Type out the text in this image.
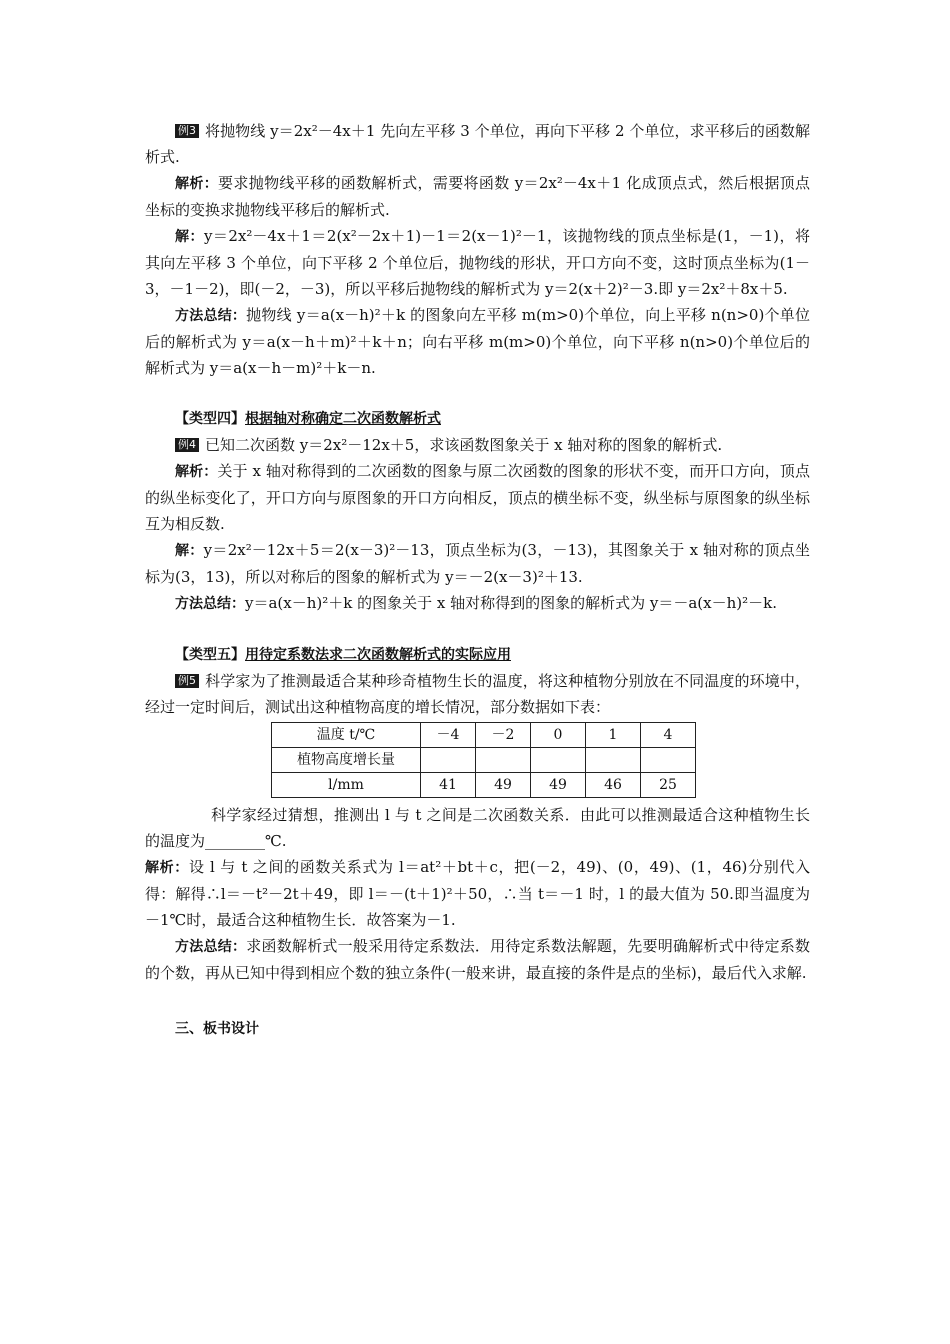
例3 将抛物线 y＝2x²－4x＋1 先向左平移 3 个单位，再向下平移 2 个单位，求平移后的函数解析式.

解析：要求抛物线平移的函数解析式，需要将函数 y＝2x²－4x＋1 化成顶点式，然后根据顶点坐标的变换求抛物线平移后的解析式.

解：y＝2x²－4x＋1＝2(x²－2x＋1)－1＝2(x－1)²－1，该抛物线的顶点坐标是(1，－1)，将其向左平移 3 个单位，向下平移 2 个单位后，抛物线的形状，开口方向不变，这时顶点坐标为(1－3，－1－2)，即(－2，－3)，所以平移后抛物线的解析式为 y＝2(x＋2)²－3.即 y＝2x²＋8x＋5.

方法总结：抛物线 y＝a(x－h)²＋k 的图象向左平移 m(m>0)个单位，向上平移 n(n>0)个单位后的解析式为 y＝a(x－h＋m)²＋k＋n；向右平移 m(m>0)个单位，向下平移 n(n>0)个单位后的解析式为 y＝a(x－h－m)²＋k－n.

【类型四】根据轴对称确定二次函数解析式

例4 已知二次函数 y＝2x²－12x＋5，求该函数图象关于 x 轴对称的图象的解析式.

解析：关于 x 轴对称得到的二次函数的图象与原二次函数的图象的形状不变，而开口方向，顶点的纵坐标变化了，开口方向与原图象的开口方向相反，顶点的横坐标不变，纵坐标与原图象的纵坐标互为相反数.

解：y＝2x²－12x＋5＝2(x－3)²－13，顶点坐标为(3，－13)，其图象关于 x 轴对称的顶点坐标为(3，13)，所以对称后的图象的解析式为 y＝－2(x－3)²＋13.

方法总结：y＝a(x－h)²＋k 的图象关于 x 轴对称得到的图象的解析式为 y＝－a(x－h)²－k.

【类型五】用待定系数法求二次函数解析式的实际应用

例5 科学家为了推测最适合某种珍奇植物生长的温度，将这种植物分别放在不同温度的环境中，经过一定时间后，测试出这种植物高度的增长情况，部分数据如下表：

温度 t/℃	－4	－2	0	1	4
植物高度增长量					
l/mm	41	49	49	46	25

科学家经过猜想，推测出 l 与 t 之间是二次函数关系．由此可以推测最适合这种植物生长的温度为________℃.

解析：设 l 与 t 之间的函数关系式为 l＝at²＋bt＋c，把(－2，49)、(0，49)、(1，46)分别代入得：解得∴l＝－t²－2t＋49，即 l＝－(t＋1)²＋50，∴当 t＝－1 时，l 的最大值为 50.即当温度为－1℃时，最适合这种植物生长．故答案为－1.

方法总结：求函数解析式一般采用待定系数法．用待定系数法解题，先要明确解析式中待定系数的个数，再从已知中得到相应个数的独立条件(一般来讲，最直接的条件是点的坐标)，最后代入求解.

三、板书设计
